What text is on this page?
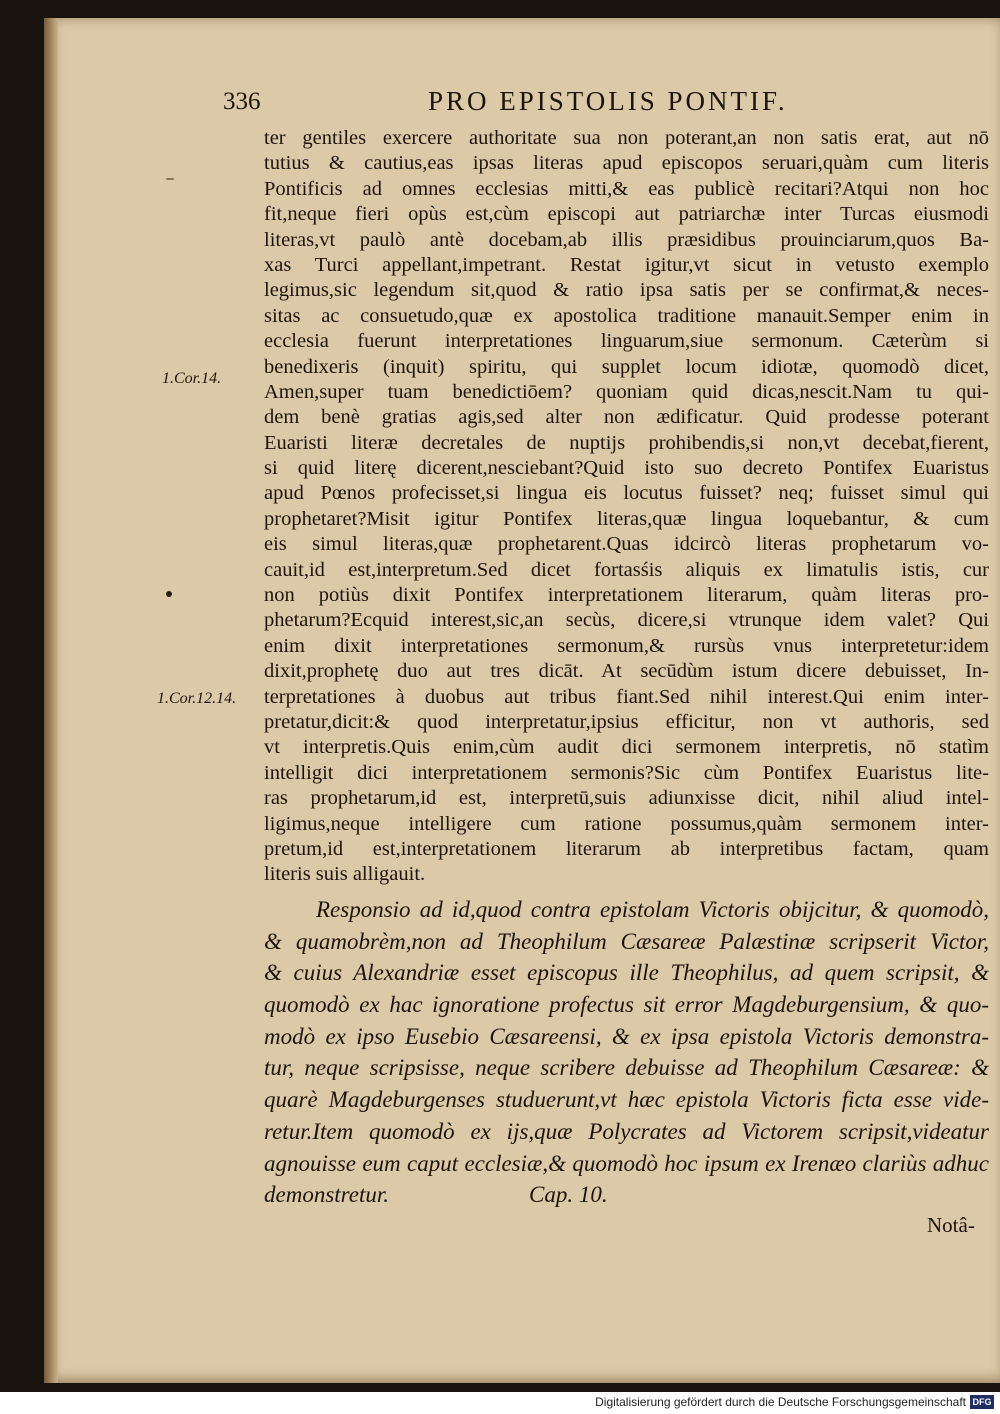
336	PRO EPISTOLIS PONTIF.
1.Cor.14.
1.Cor.12.14.
ter gentiles exercere authoritate sua non poterant,an non satis erat, aut nō
tutius & cautius,eas ipsas literas apud episcopos seruari,quàm cum literis
Pontificis ad omnes ecclesias mitti,& eas publicè recitari?Atqui non hoc
fit,neque fieri opùs est,cùm episcopi aut patriarchæ inter Turcas eiusmodi
literas,vt paulò antè docebam,ab illis præsidibus prouinciarum,quos Ba-
xas Turci appellant,impetrant. Restat igitur,vt sicut in vetusto exemplo
legimus,sic legendum sit,quod & ratio ipsa satis per se confirmat,& neces-
sitas ac consuetudo,quæ ex apostolica traditione manauit.Semper enim in
ecclesia fuerunt interpretationes linguarum,siue sermonum. Cæterùm si
benedixeris (inquit) spiritu, qui supplet locum idiotæ, quomodò dicet,
Amen,super tuam benedictiōem? quoniam quid dicas,nescit.Nam tu qui-
dem benè gratias agis,sed alter non ædificatur. Quid prodesse poterant
Euaristi literæ decretales de nuptijs prohibendis,si non,vt decebat,fierent,
si quid literę dicerent,nesciebant?Quid isto suo decreto Pontifex Euaristus
apud Pœnos profecisset,si lingua eis locutus fuisset? neq; fuisset simul qui
prophetaret?Misit igitur Pontifex literas,quæ lingua loquebantur, & cum
eis simul literas,quæ prophetarent.Quas idcircò literas prophetarum vo-
cauit,id est,interpretum.Sed dicet fortasśis aliquis ex limatulis istis, cur
non potiùs dixit Pontifex interpretationem literarum, quàm literas pro-
phetarum?Ecquid interest,sic,an secùs, dicere,si vtrunque idem valet? Qui
enim dixit interpretationes sermonum,& rursùs vnus interpretetur:idem
dixit,prophetę duo aut tres dicāt. At secūdùm istum dicere debuisset, In-
terpretationes à duobus aut tribus fiant.Sed nihil interest.Qui enim inter-
pretatur,dicit:& quod interpretatur,ipsius efficitur, non vt authoris, sed
vt interpretis.Quis enim,cùm audit dici sermonem interpretis, nō statìm
intelligit dici interpretationem sermonis?Sic cùm Pontifex Euaristus lite-
ras prophetarum,id est, interpretū,suis adiunxisse dicit, nihil aliud intel-
ligimus,neque intelligere cum ratione possumus,quàm sermonem inter-
pretum,id est,interpretationem literarum ab interpretibus factam, quam
literis suis alligauit.
Responsio ad id,quod contra epistolam Victoris obijcitur, & quomodò,
& quamobrèm,non ad Theophilum Cæsareæ Palæstinæ scripserit Victor,
& cuius Alexandriæ esset episcopus ille Theophilus, ad quem scripsit, &
quomodò ex hac ignoratione profectus sit error Magdeburgensium, & quo-
modò ex ipso Eusebio Cæsareensi, & ex ipsa epistola Victoris demonstra-
tur, neque scripsisse, neque scribere debuisse ad Theophilum Cæsareæ: &
quarè Magdeburgenses studuerunt,vt hæc epistola Victoris ficta esse vide-
retur.Item quomodò ex ijs,quæ Polycrates ad Victorem scripsit,videatur
agnouisse eum caput ecclesiæ,& quomodò hoc ipsum ex Irenæo clariùs adhuc
demonstretur.	Cap. 10.
Notâ-
Digitalisierung gefördert durch die Deutsche Forschungsgemeinschaft DFG
